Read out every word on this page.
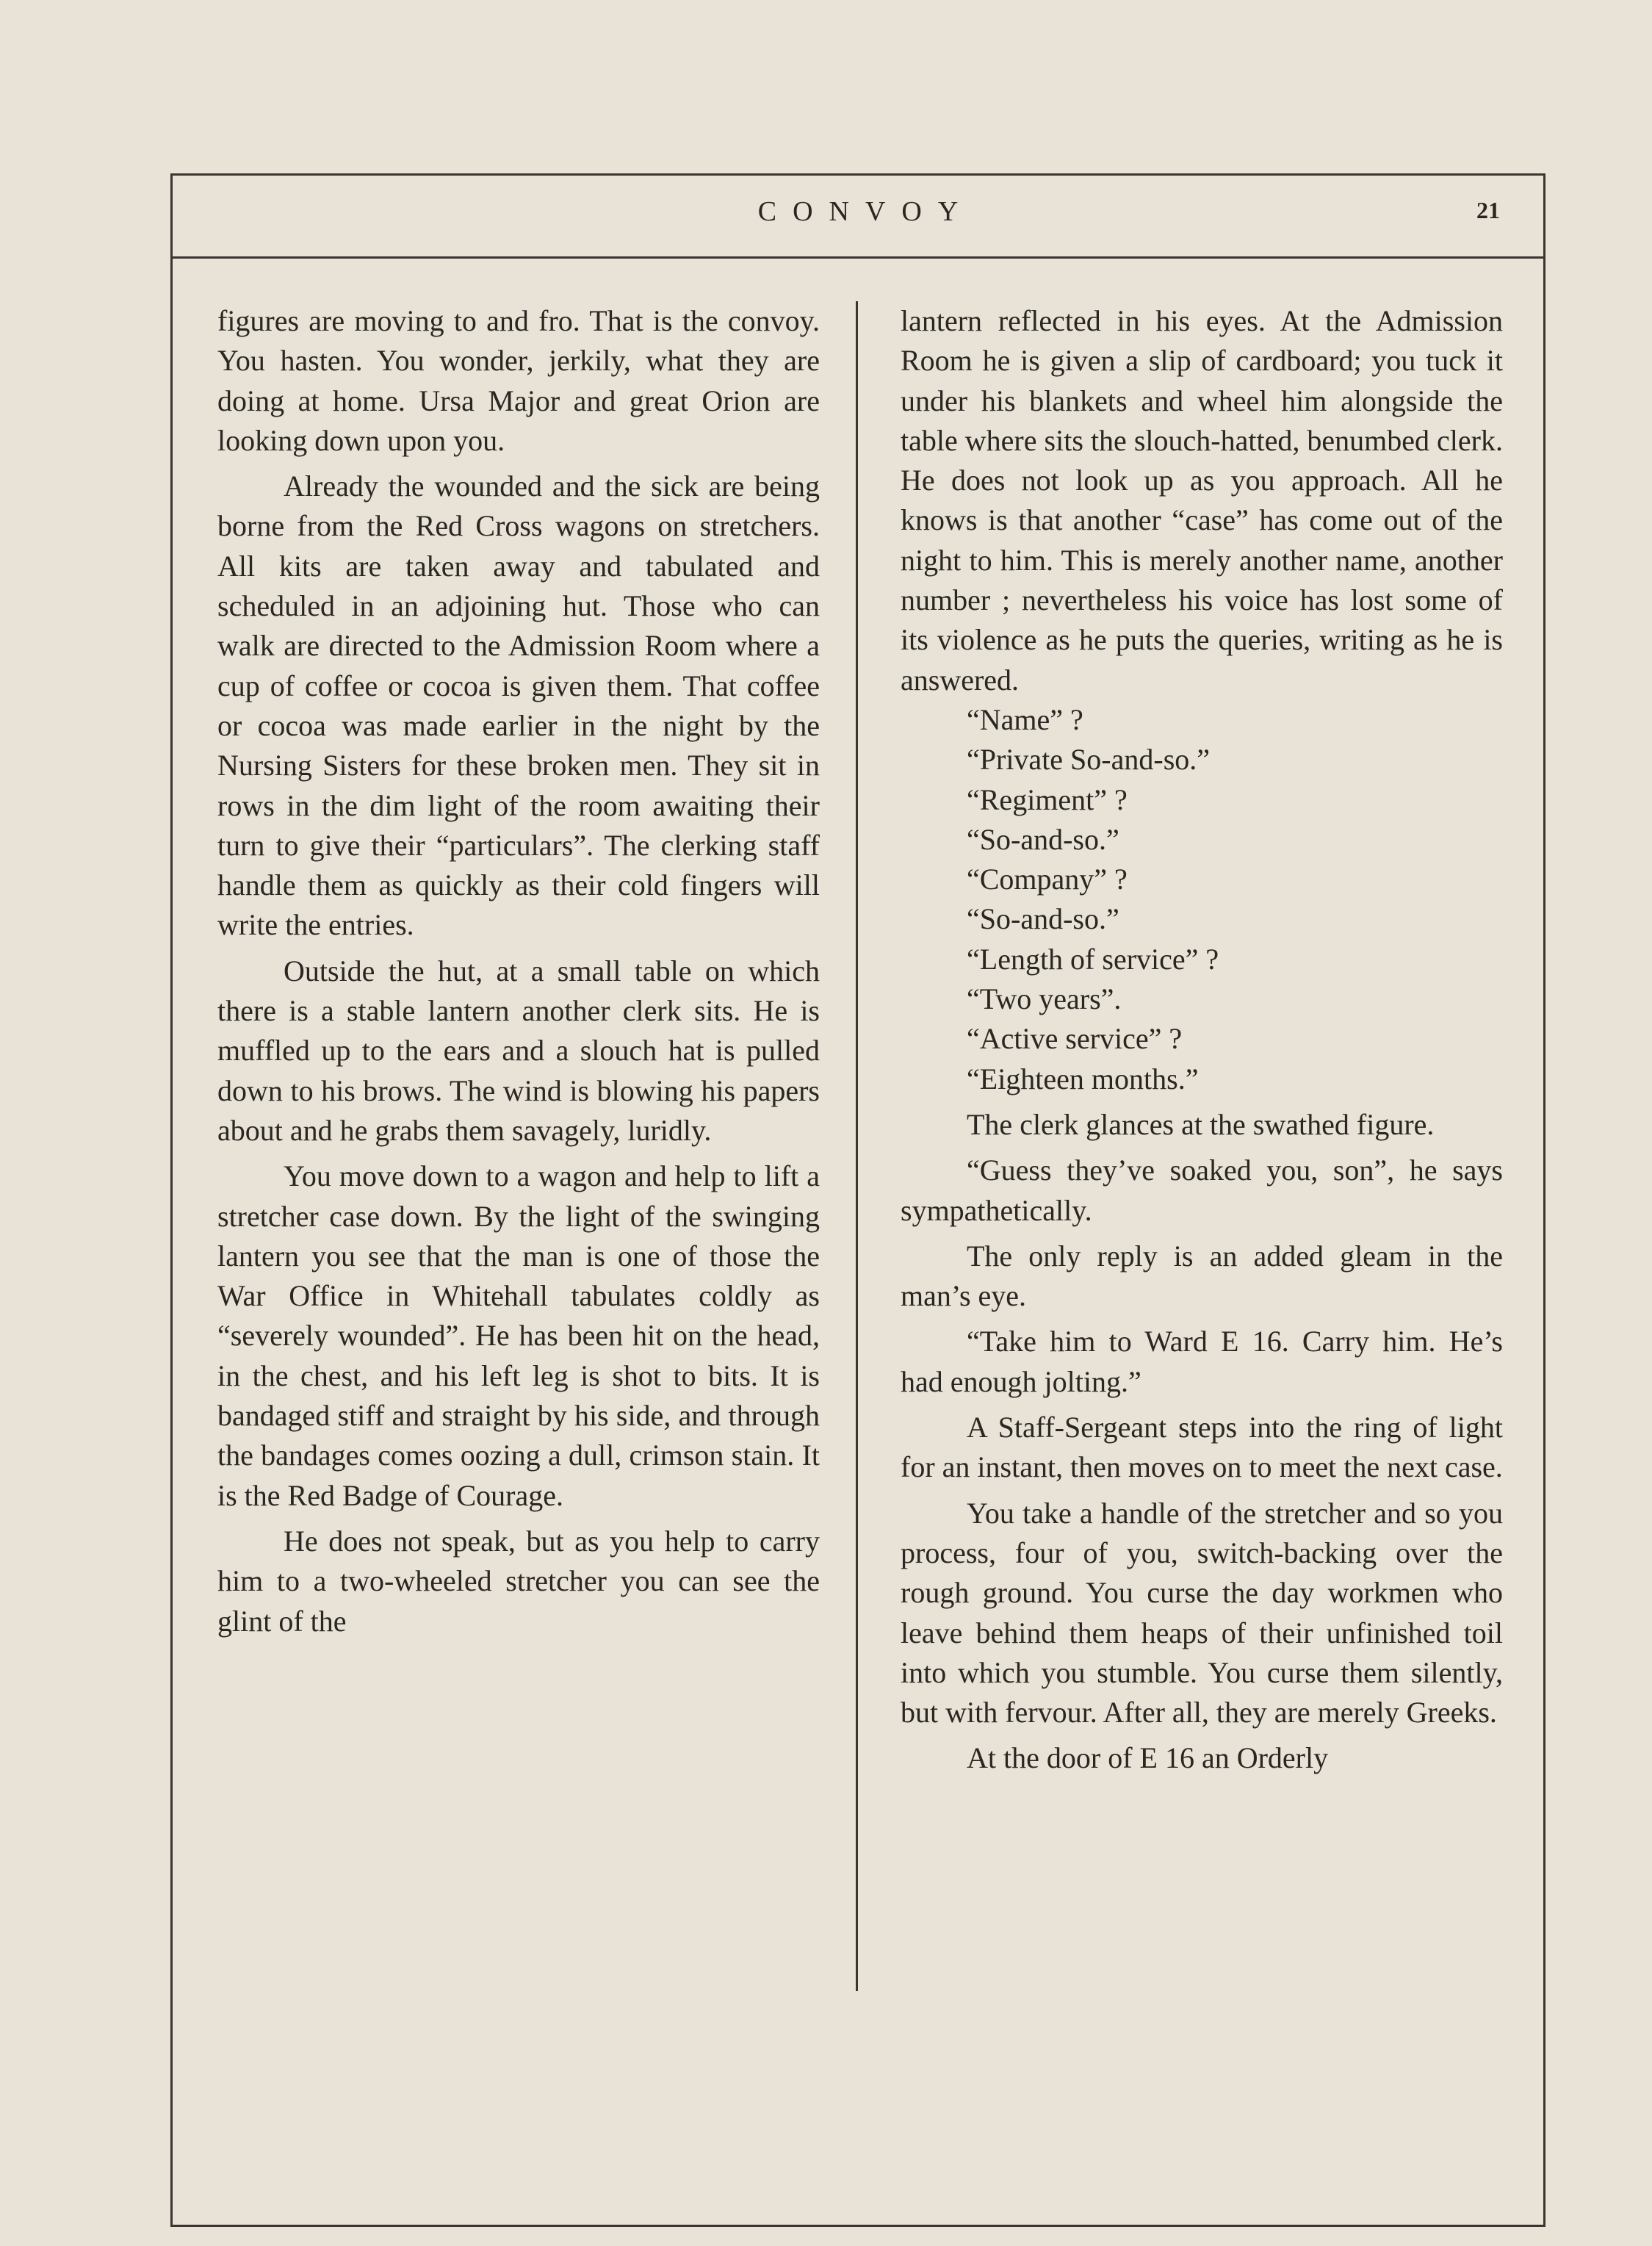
CONVOY	21

figures are moving to and fro. That is the convoy. You hasten. You wonder, jerkily, what they are doing at home. Ursa Major and great Orion are looking down upon you.

Already the wounded and the sick are being borne from the Red Cross wagons on stretchers. All kits are taken away and tabulated and scheduled in an adjoining hut. Those who can walk are directed to the Admission Room where a cup of coffee or cocoa is given them. That coffee or cocoa was made earlier in the night by the Nursing Sisters for these broken men. They sit in rows in the dim light of the room awaiting their turn to give their “particulars”. The clerking staff handle them as quickly as their cold fingers will write the entries.

Outside the hut, at a small table on which there is a stable lantern another clerk sits. He is muffled up to the ears and a slouch hat is pulled down to his brows. The wind is blowing his papers about and he grabs them savagely, luridly.

You move down to a wagon and help to lift a stretcher case down. By the light of the swinging lantern you see that the man is one of those the War Office in Whitehall tabulates coldly as “severely wounded”. He has been hit on the head, in the chest, and his left leg is shot to bits. It is bandaged stiff and straight by his side, and through the bandages comes oozing a dull, crimson stain. It is the Red Badge of Courage.

He does not speak, but as you help to carry him to a two-wheeled stretcher you can see the glint of the

lantern reflected in his eyes. At the Admission Room he is given a slip of cardboard; you tuck it under his blankets and wheel him alongside the table where sits the slouch-hatted, benumbed clerk. He does not look up as you approach. All he knows is that another “case” has come out of the night to him. This is merely another name, another number ; nevertheless his voice has lost some of its violence as he puts the queries, writing as he is answered.

“Name” ?

“Private So-and-so.”

“Regiment” ?

“So-and-so.”

“Company” ?

“So-and-so.”

“Length of service” ?

“Two years”.

“Active service” ?

“Eighteen months.”

The clerk glances at the swathed figure.

“Guess they’ve soaked you, son”, he says sympathetically.

The only reply is an added gleam in the man’s eye.

“Take him to Ward E 16. Carry him. He’s had enough jolting.”

A Staff-Sergeant steps into the ring of light for an instant, then moves on to meet the next case.

You take a handle of the stretcher and so you process, four of you, switch-backing over the rough ground. You curse the day workmen who leave behind them heaps of their unfinished toil into which you stumble. You curse them silently, but with fervour. After all, they are merely Greeks.

At the door of E 16 an Orderly
